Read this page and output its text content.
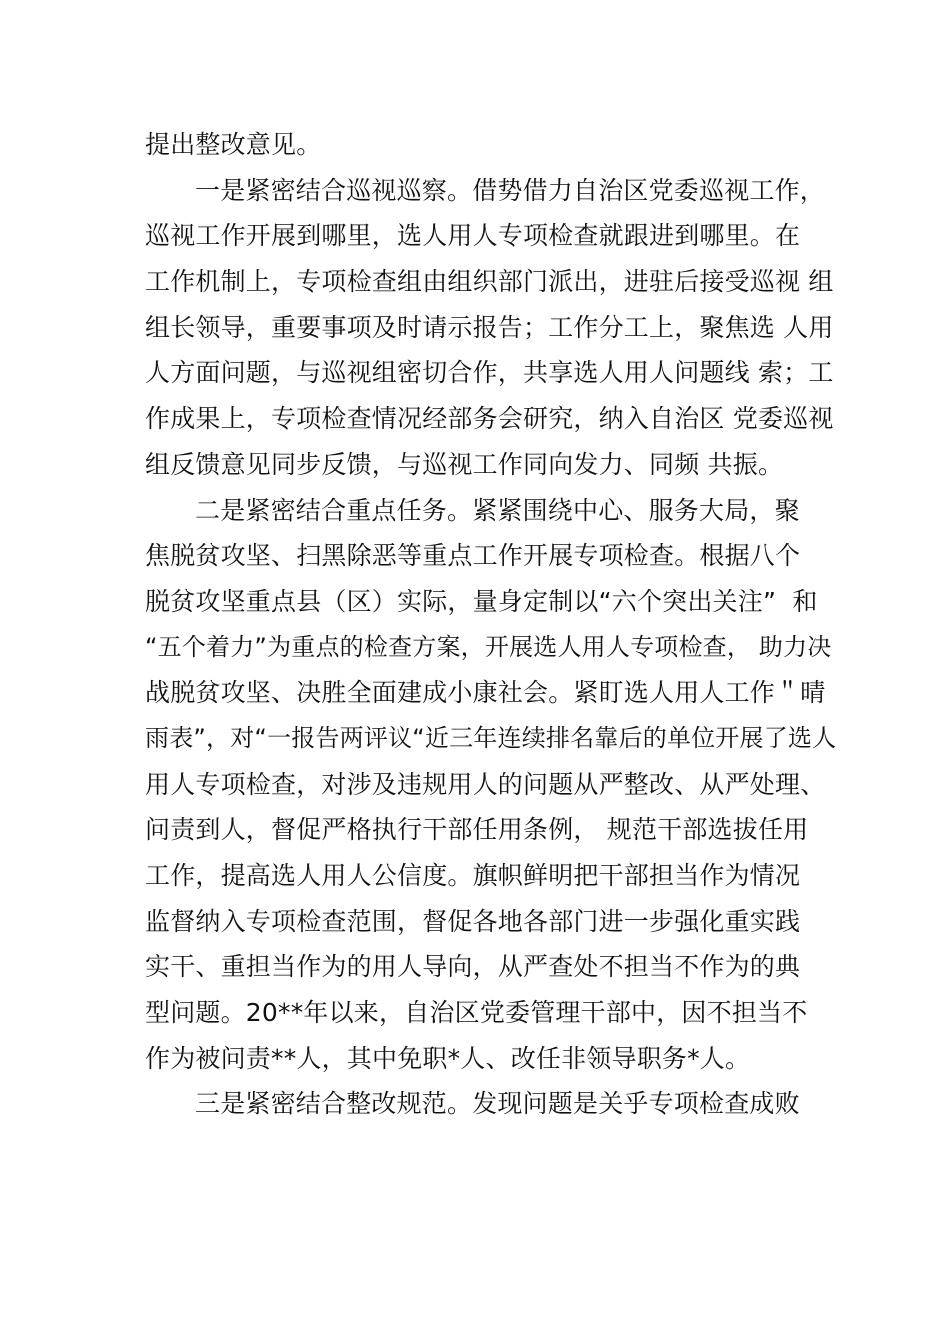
提出整改意见。
一是紧密结合巡视巡察。借势借力自治区党委巡视工作，
巡视工作开展到哪里，选人用人专项检查就跟进到哪里。在
工作机制上，专项检查组由组织部门派出，进驻后接受巡视 组
组长领导，重要事项及时请示报告；工作分工上，聚焦选 人用
人方面问题，与巡视组密切合作，共享选人用人问题线 索；工
作成果上，专项检查情况经部务会研究，纳入自治区 党委巡视
组反馈意见同步反馈，与巡视工作同向发力、同频 共振。
二是紧密结合重点任务。紧紧围绕中心、服务大局，聚
焦脱贫攻坚、扫黑除恶等重点工作开展专项检查。根据八个
脱贫攻坚重点县（区）实际，量身定制以“六个突出关注”  和
“五个着力”为重点的检查方案，开展选人用人专项检查， 助力决
战脱贫攻坚、决胜全面建成小康社会。紧盯选人用人工作＂晴
雨表”，对“一报告两评议“近三年连续排名靠后的单位开展了选人
用人专项检查，对涉及违规用人的问题从严整改、从严处理、
问责到人，督促严格执行干部任用条例， 规范干部选拔任用
工作，提高选人用人公信度。旗帜鲜明把干部担当作为情况
监督纳入专项检查范围，督促各地各部门进一步强化重实践
实干、重担当作为的用人导向，从严查处不担当不作为的典
型问题。20**年以来，自治区党委管理干部中，因不担当不
作为被问责**人，其中免职*人、改任非领导职务*人。
三是紧密结合整改规范。发现问题是关乎专项检查成败
